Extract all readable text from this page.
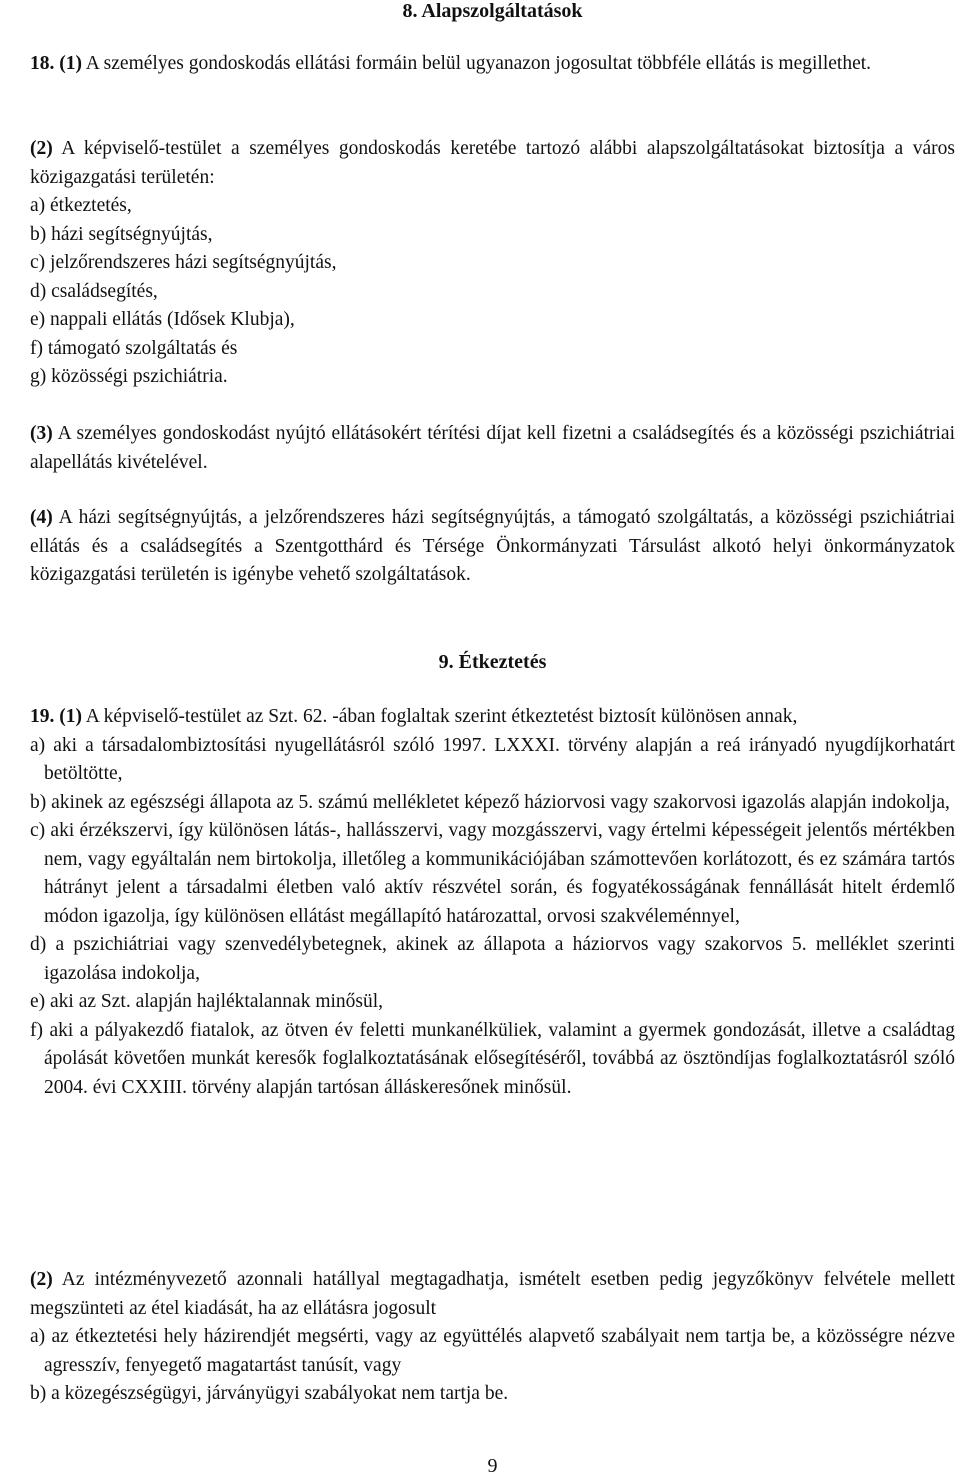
8. Alapszolgáltatások

18. (1) A személyes gondoskodás ellátási formáin belül ugyanazon jogosultat többféle ellátás is megillethet.

(2) A képviselő-testület a személyes gondoskodás keretébe tartozó alábbi alapszolgáltatásokat biztosítja a város közigazgatási területén:

a) étkeztetés,

b) házi segítségnyújtás,

c) jelzőrendszeres házi segítségnyújtás,

d) családsegítés,

e) nappali ellátás (Idősek Klubja),

f) támogató szolgáltatás és

g) közösségi pszichiátria.

(3) A személyes gondoskodást nyújtó ellátásokért térítési díjat kell fizetni a családsegítés és a közösségi pszichiátriai alapellátás kivételével.

(4) A házi segítségnyújtás, a jelzőrendszeres házi segítségnyújtás, a támogató szolgáltatás, a közösségi pszichiátriai ellátás és a családsegítés a Szentgotthárd és Térsége Önkormányzati Társulást alkotó helyi önkormányzatok közigazgatási területén is igénybe vehető szolgáltatások.

9. Étkeztetés

19. (1) A képviselő-testület az Szt. 62. -ában foglaltak szerint étkeztetést biztosít különösen annak,

a) aki a társadalombiztosítási nyugellátásról szóló 1997. LXXXI. törvény alapján a reá irányadó nyugdíjkorhatárt betöltötte,

b) akinek az egészségi állapota az 5. számú mellékletet képező háziorvosi vagy szakorvosi igazolás alapján indokolja,

c) aki érzékszervi, így különösen látás-, hallásszervi, vagy mozgásszervi, vagy értelmi képességeit jelentős mértékben nem, vagy egyáltalán nem birtokolja, illetőleg a kommunikációjában számottevően korlátozott, és ez számára tartós hátrányt jelent a társadalmi életben való aktív részvétel során, és fogyatékosságának fennállását hitelt érdemlő módon igazolja, így különösen ellátást megállapító határozattal, orvosi szakvéleménnyel,

d) a pszichiátriai vagy szenvedélybetegnek, akinek az állapota a háziorvos vagy szakorvos 5. melléklet szerinti igazolása indokolja,

e) aki az Szt. alapján hajléktalannak minősül,

f) aki a pályakezdő fiatalok, az ötven év feletti munkanélküliek, valamint a gyermek gondozását, illetve a családtag ápolását követően munkát keresők foglalkoztatásának elősegítéséről, továbbá az ösztöndíjas foglalkoztatásról szóló 2004. évi CXXIII. törvény alapján tartósan álláskeresőnek minősül.

(2) Az intézményvezető azonnali hatállyal megtagadhatja, ismételt esetben pedig jegyzőkönyv felvétele mellett megszünteti az étel kiadását, ha az ellátásra jogosult

a) az étkeztetési hely házirendjét megsérti, vagy az együttélés alapvető szabályait nem tartja be, a közösségre nézve agresszív, fenyegető magatartást tanúsít, vagy

b) a közegészségügyi, járványügyi szabályokat nem tartja be.

9
